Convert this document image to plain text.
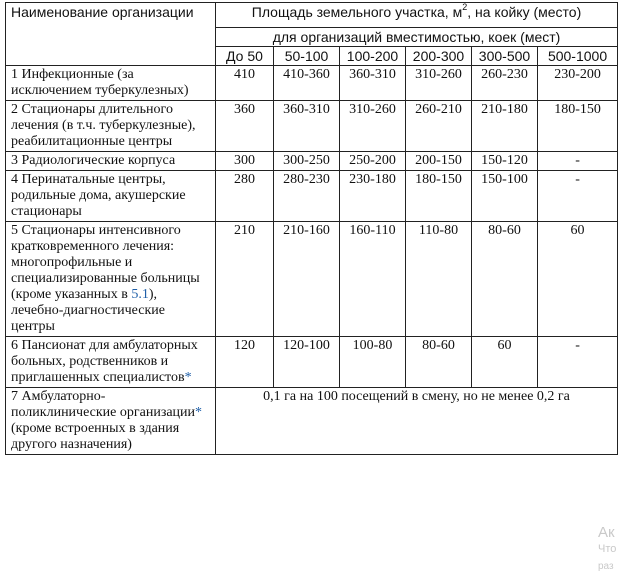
Наименование организации	Площадь земельного участка, $м^2$, на койку (место)					
	для организаций вместимостью, коек (мест)					
	До 50	50-100	100-200	200-300	300-500	500-1000
1 Инфекционные (за исключением туберкулезных)	410	410-360	360-310	310-260	260-230	230-200
2 Стационары длительного лечения (в т.ч. туберкулезные), реабилитационные центры	360	360-310	310-260	260-210	210-180	180-150
3 Радиологические корпуса	300	300-250	250-200	200-150	150-120	-
4 Перинатальные центры, родильные дома, акушерские стационары	280	280-230	230-180	180-150	150-100	-
5 Стационары интенсивного кратковременного лечения: многопрофильные и специализированные больницы (кроме указанных в 5.1), лечебно-диагностические центры	210	210-160	160-110	110-80	80-60	60
6 Пансионат для амбулаторных больных, родственников и приглашенных специалистов*	120	120-100	100-80	80-60	60	-
7 Амбулаторно-поликлинические организации* (кроме встроенных в здания другого назначения)	0,1 га на 100 посещений в смену, но не менее 0,2 га					
Ак
Что
раз
